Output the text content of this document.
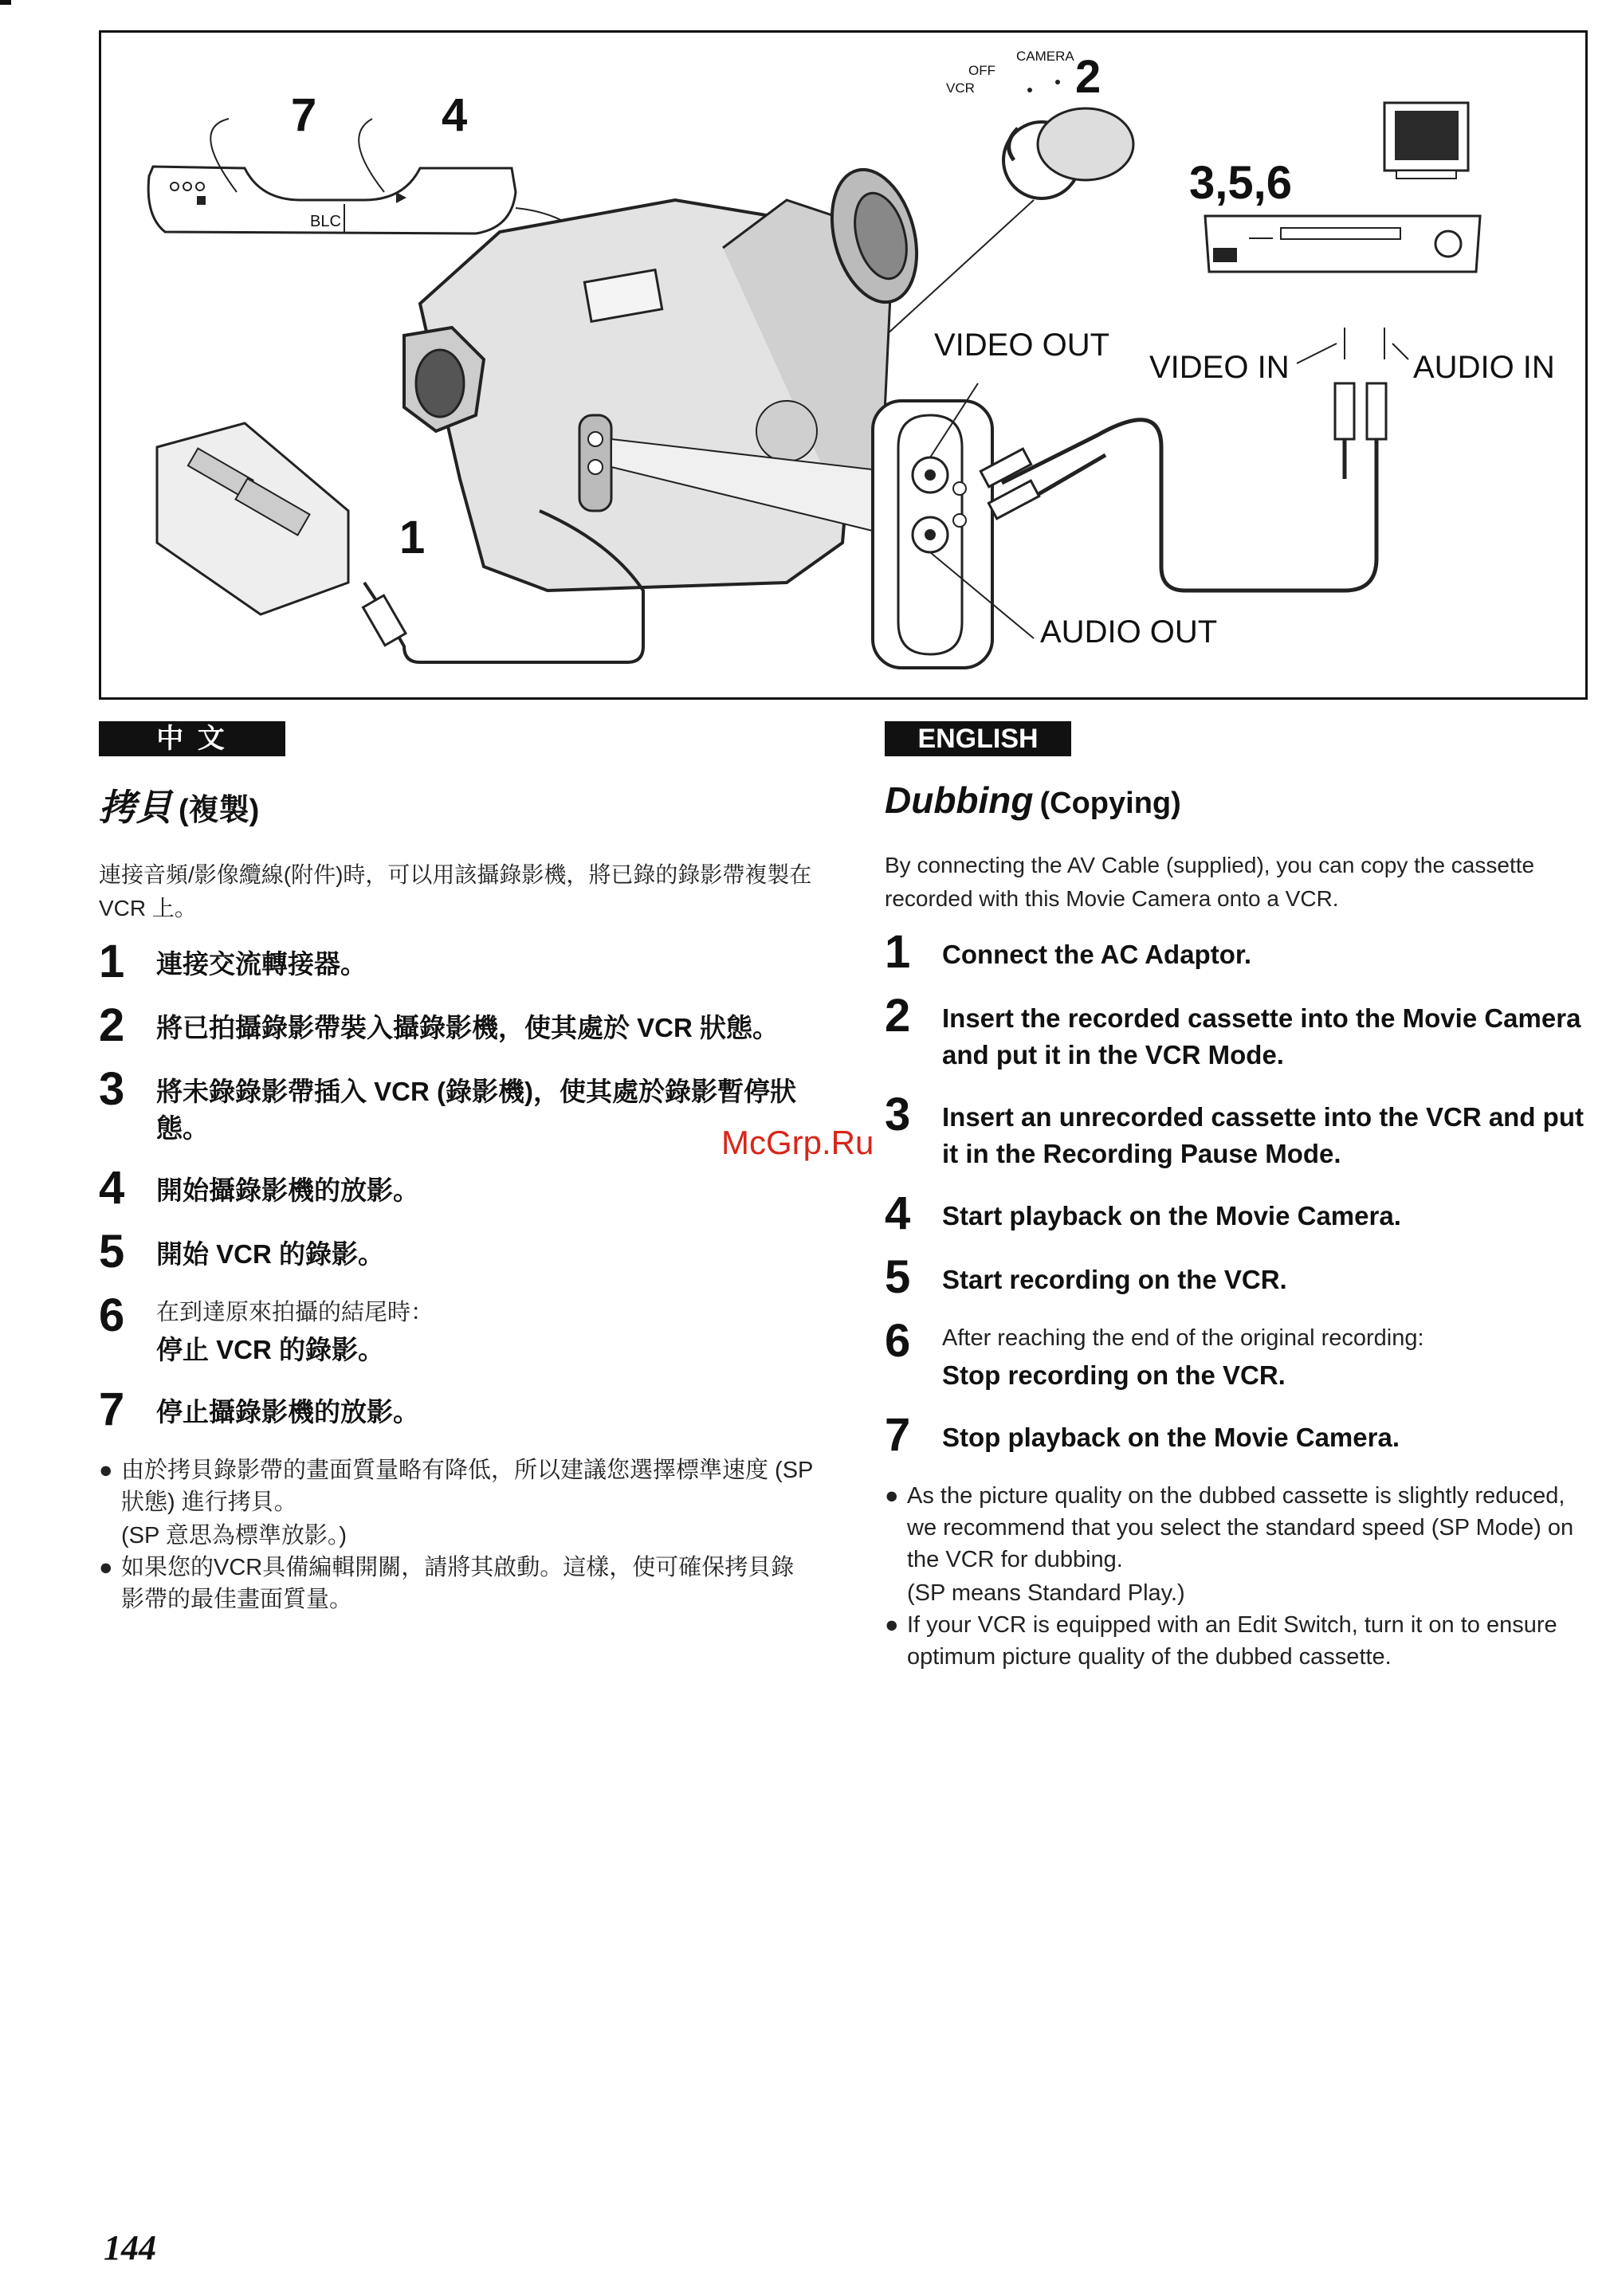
7	4
2
3,5,6
1
CAMERA
OFF
VCR
BLC
VIDEO OUT
VIDEO IN	AUDIO IN
AUDIO OUT
中 文
拷貝 (複製)
連接音頻/影像纜線(附件)時，可以用該攝錄影機，將已錄的錄影帶複製在 VCR 上。
1 連接交流轉接器。
2 將已拍攝錄影帶裝入攝錄影機，使其處於 VCR 狀態。
3 將未錄錄影帶插入 VCR (錄影機)，使其處於錄影暫停狀態。
4 開始攝錄影機的放影。
5 開始 VCR 的錄影。
6 在到達原來拍攝的結尾時：
停止 VCR 的錄影。
7 停止攝錄影機的放影。
● 由於拷貝錄影帶的畫面質量略有降低，所以建議您選擇標準速度 (SP 狀態) 進行拷貝。
(SP 意思為標準放影。)
● 如果您的VCR具備編輯開關，請將其啟動。這樣，使可確保拷貝錄影帶的最佳畫面質量。
ENGLISH
Dubbing (Copying)
By connecting the AV Cable (supplied), you can copy the cassette recorded with this Movie Camera onto a VCR.
1 Connect the AC Adaptor.
2 Insert the recorded cassette into the Movie Camera and put it in the VCR Mode.
3 Insert an unrecorded cassette into the VCR and put it in the Recording Pause Mode.
4 Start playback on the Movie Camera.
5 Start recording on the VCR.
6 After reaching the end of the original recording:
Stop recording on the VCR.
7 Stop playback on the Movie Camera.
● As the picture quality on the dubbed cassette is slightly reduced, we recommend that you select the standard speed (SP Mode) on the VCR for dubbing.
(SP means Standard Play.)
● If your VCR is equipped with an Edit Switch, turn it on to ensure optimum picture quality of the dubbed cassette.
McGrp.Ru
144
